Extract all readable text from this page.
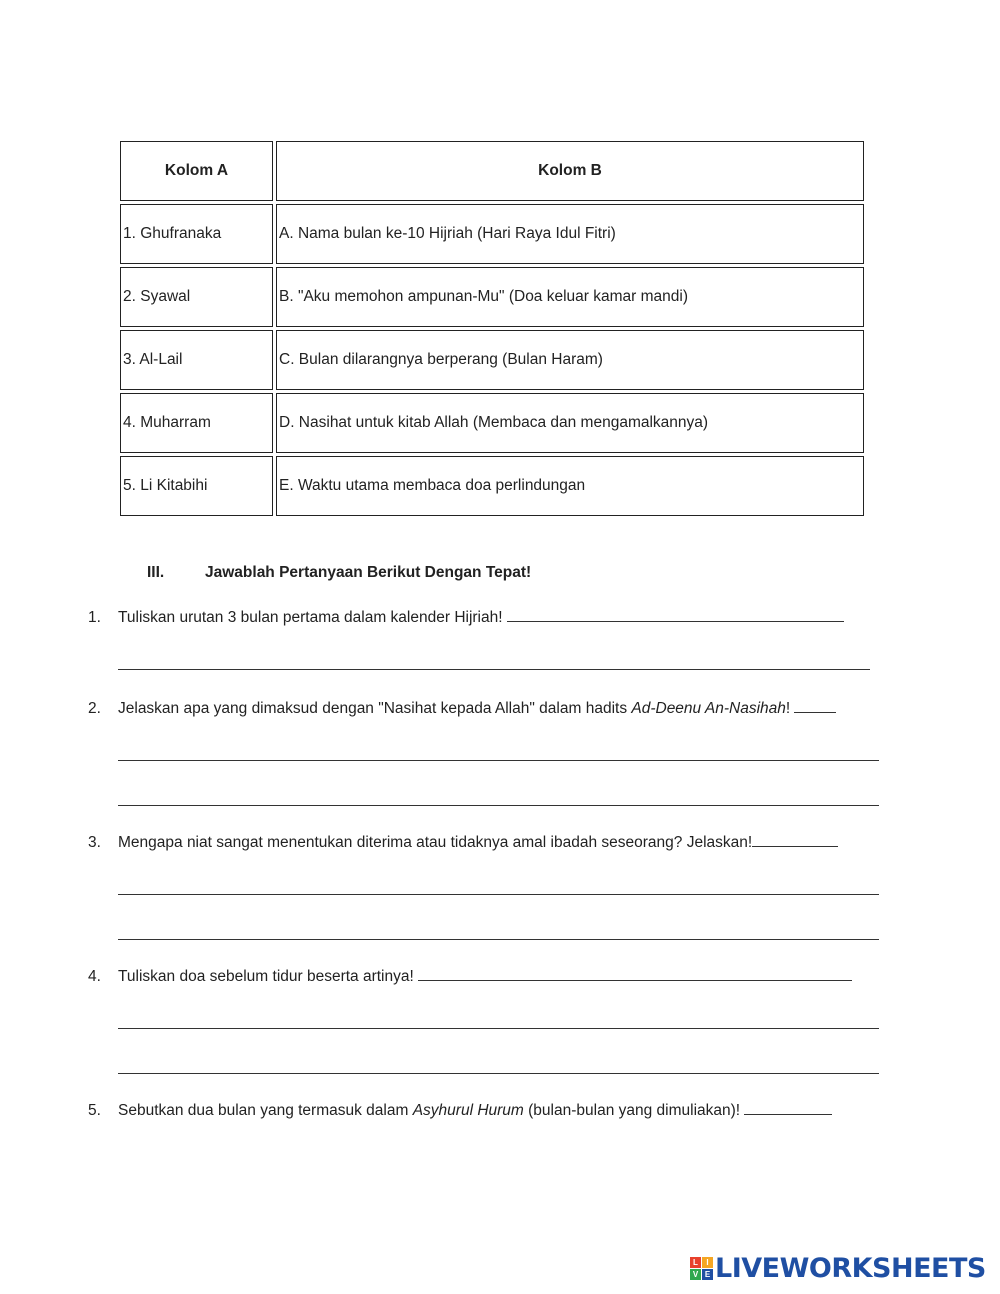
Kolom A	Kolom B
1. Ghufranaka	A. Nama bulan ke-10 Hijriah (Hari Raya Idul Fitri)
2. Syawal	B. "Aku memohon ampunan-Mu" (Doa keluar kamar mandi)
3. Al-Lail	C. Bulan dilarangnya berperang (Bulan Haram)
4. Muharram	D. Nasihat untuk kitab Allah (Membaca dan mengamalkannya)
5. Li Kitabihi	E. Waktu utama membaca doa perlindungan
III.	Jawablah Pertanyaan Berikut Dengan Tepat!
1. Tuliskan urutan 3 bulan pertama dalam kalender Hijriah!
2. Jelaskan apa yang dimaksud dengan "Nasihat kepada Allah" dalam hadits Ad-Deenu An-Nasihah!
3. Mengapa niat sangat menentukan diterima atau tidaknya amal ibadah seseorang? Jelaskan!
4. Tuliskan doa sebelum tidur beserta artinya!
5. Sebutkan dua bulan yang termasuk dalam Asyhurul Hurum (bulan-bulan yang dimuliakan)!
L	I
V E LIVEWORKSHEETS
